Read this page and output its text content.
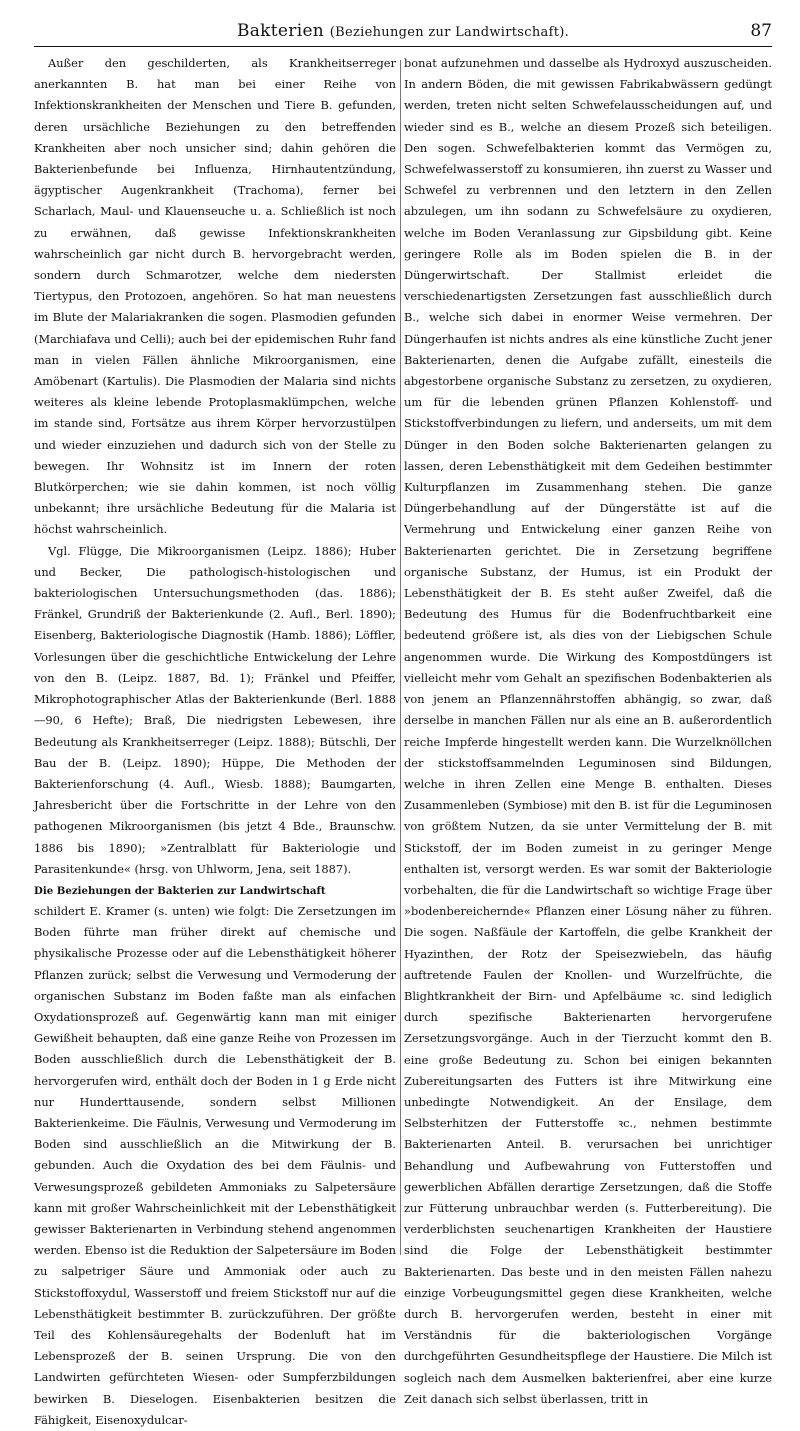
Bakterien (Beziehungen zur Landwirtschaft).	87

Außer den geschilderten, als Krankheitserreger anerkannten B. hat man bei einer Reihe von Infektionskrankheiten der Menschen und Tiere B. gefunden, deren ursächliche Beziehungen zu den betreffenden Krankheiten aber noch unsicher sind; dahin gehören die Bakterienbefunde bei Influenza, Hirnhautentzündung, ägyptischer Augenkrankheit (Trachoma), ferner bei Scharlach, Maul- und Klauenseuche u. a. Schließlich ist noch zu erwähnen, daß gewisse Infektionskrankheiten wahrscheinlich gar nicht durch B. hervorgebracht werden, sondern durch Schmarotzer, welche dem niedersten Tiertypus, den Protozoen, angehören. So hat man neuestens im Blute der Malariakranken die sogen. Plasmodien gefunden (Marchiafava und Celli); auch bei der epidemischen Ruhr fand man in vielen Fällen ähnliche Mikroorganismen, eine Amöbenart (Kartulis). Die Plasmodien der Malaria sind nichts weiteres als kleine lebende Protoplasmaklümpchen, welche im stande sind, Fortsätze aus ihrem Körper hervorzustülpen und wieder einzuziehen und dadurch sich von der Stelle zu bewegen. Ihr Wohnsitz ist im Innern der roten Blutkörperchen; wie sie dahin kommen, ist noch völlig unbekannt; ihre ursächliche Bedeutung für die Malaria ist höchst wahrscheinlich.

Vgl. Flügge, Die Mikroorganismen (Leipz. 1886); Huber und Becker, Die pathologisch-histologischen und bakteriologischen Untersuchungsmethoden (das. 1886); Fränkel, Grundriß der Bakterienkunde (2. Aufl., Berl. 1890); Eisenberg, Bakteriologische Diagnostik (Hamb. 1886); Löffler, Vorlesungen über die geschichtliche Entwickelung der Lehre von den B. (Leipz. 1887, Bd. 1); Fränkel und Pfeiffer, Mikrophotographischer Atlas der Bakterienkunde (Berl. 1888—90, 6 Hefte); Braß, Die niedrigsten Lebewesen, ihre Bedeutung als Krankheitserreger (Leipz. 1888); Bütschli, Der Bau der B. (Leipz. 1890); Hüppe, Die Methoden der Bakterienforschung (4. Aufl., Wiesb. 1888); Baumgarten, Jahresbericht über die Fortschritte in der Lehre von den pathogenen Mikroorganismen (bis jetzt 4 Bde., Braunschw. 1886 bis 1890); »Zentralblatt für Bakteriologie und Parasitenkunde« (hrsg. von Uhlworm, Jena, seit 1887).

Die Beziehungen der Bakterien zur Landwirtschaft

schildert E. Kramer (s. unten) wie folgt: Die Zersetzungen im Boden führte man früher direkt auf chemische und physikalische Prozesse oder auf die Lebensthätigkeit höherer Pflanzen zurück; selbst die Verwesung und Vermoderung der organischen Substanz im Boden faßte man als einfachen Oxydationsprozeß auf. Gegenwärtig kann man mit einiger Gewißheit behaupten, daß eine ganze Reihe von Prozessen im Boden ausschließlich durch die Lebensthätigkeit der B. hervorgerufen wird, enthält doch der Boden in 1 g Erde nicht nur Hunderttausende, sondern selbst Millionen Bakterienkeime. Die Fäulnis, Verwesung und Vermoderung im Boden sind ausschließlich an die Mitwirkung der B. gebunden. Auch die Oxydation des bei dem Fäulnis- und Verwesungsprozeß gebildeten Ammoniaks zu Salpetersäure kann mit großer Wahrscheinlichkeit mit der Lebensthätigkeit gewisser Bakterienarten in Verbindung stehend angenommen werden. Ebenso ist die Reduktion der Salpetersäure im Boden zu salpetriger Säure und Ammoniak oder auch zu Stickstoffoxydul, Wasserstoff und freiem Stickstoff nur auf die Lebensthätigkeit bestimmter B. zurückzuführen. Der größte Teil des Kohlensäuregehalts der Bodenluft hat im Lebensprozeß der B. seinen Ursprung. Die von den Landwirten gefürchteten Wiesen- oder Sumpferzbildungen bewirken B. Dieselogen. Eisenbakterien besitzen die Fähigkeit, Eisenoxydulcar-

bonat aufzunehmen und dasselbe als Hydroxyd auszuscheiden. In andern Böden, die mit gewissen Fabrikabwässern gedüngt werden, treten nicht selten Schwefelausscheidungen auf, und wieder sind es B., welche an diesem Prozeß sich beteiligen. Den sogen. Schwefelbakterien kommt das Vermögen zu, Schwefelwasserstoff zu konsumieren, ihn zuerst zu Wasser und Schwefel zu verbrennen und den letztern in den Zellen abzulegen, um ihn sodann zu Schwefelsäure zu oxydieren, welche im Boden Veranlassung zur Gipsbildung gibt. Keine geringere Rolle als im Boden spielen die B. in der Düngerwirtschaft. Der Stallmist erleidet die verschiedenartigsten Zersetzungen fast ausschließlich durch B., welche sich dabei in enormer Weise vermehren. Der Düngerhaufen ist nichts andres als eine künstliche Zucht jener Bakterienarten, denen die Aufgabe zufällt, einesteils die abgestorbene organische Substanz zu zersetzen, zu oxydieren, um für die lebenden grünen Pflanzen Kohlenstoff- und Stickstoffverbindungen zu liefern, und anderseits, um mit dem Dünger in den Boden solche Bakterienarten gelangen zu lassen, deren Lebensthätigkeit mit dem Gedeihen bestimmter Kulturpflanzen im Zusammenhang stehen. Die ganze Düngerbehandlung auf der Düngerstätte ist auf die Vermehrung und Entwickelung einer ganzen Reihe von Bakterienarten gerichtet. Die in Zersetzung begriffene organische Substanz, der Humus, ist ein Produkt der Lebensthätigkeit der B. Es steht außer Zweifel, daß die Bedeutung des Humus für die Bodenfruchtbarkeit eine bedeutend größere ist, als dies von der Liebigschen Schule angenommen wurde. Die Wirkung des Kompostdüngers ist vielleicht mehr vom Gehalt an spezifischen Bodenbakterien als von jenem an Pflanzennährstoffen abhängig, so zwar, daß derselbe in manchen Fällen nur als eine an B. außerordentlich reiche Impferde hingestellt werden kann. Die Wurzelknöllchen der stickstoffsammelnden Leguminosen sind Bildungen, welche in ihren Zellen eine Menge B. enthalten. Dieses Zusammenleben (Symbiose) mit den B. ist für die Leguminosen von größtem Nutzen, da sie unter Vermittelung der B. mit Stickstoff, der im Boden zumeist in zu geringer Menge enthalten ist, versorgt werden. Es war somit der Bakteriologie vorbehalten, die für die Landwirtschaft so wichtige Frage über »bodenbereichernde« Pflanzen einer Lösung näher zu führen. Die sogen. Naßfäule der Kartoffeln, die gelbe Krankheit der Hyazinthen, der Rotz der Speisezwiebeln, das häufig auftretende Faulen der Knollen- und Wurzelfrüchte, die Blightkrankheit der Birn- und Apfelbäume ꝛc. sind lediglich durch spezifische Bakterienarten hervorgerufene Zersetzungsvorgänge. Auch in der Tierzucht kommt den B. eine große Bedeutung zu. Schon bei einigen bekannten Zubereitungsarten des Futters ist ihre Mitwirkung eine unbedingte Notwendigkeit. An der Ensilage, dem Selbsterhitzen der Futterstoffe ꝛc., nehmen bestimmte Bakterienarten Anteil. B. verursachen bei unrichtiger Behandlung und Aufbewahrung von Futterstoffen und gewerblichen Abfällen derartige Zersetzungen, daß die Stoffe zur Fütterung unbrauchbar werden (s. Futterbereitung). Die verderblichsten seuchenartigen Krankheiten der Haustiere sind die Folge der Lebensthätigkeit bestimmter Bakterienarten. Das beste und in den meisten Fällen nahezu einzige Vorbeugungsmittel gegen diese Krankheiten, welche durch B. hervorgerufen werden, besteht in einer mit Verständnis für die bakteriologischen Vorgänge durchgeführten Gesundheitspflege der Haustiere. Die Milch ist sogleich nach dem Ausmelken bakterienfrei, aber eine kurze Zeit danach sich selbst überlassen, tritt in
